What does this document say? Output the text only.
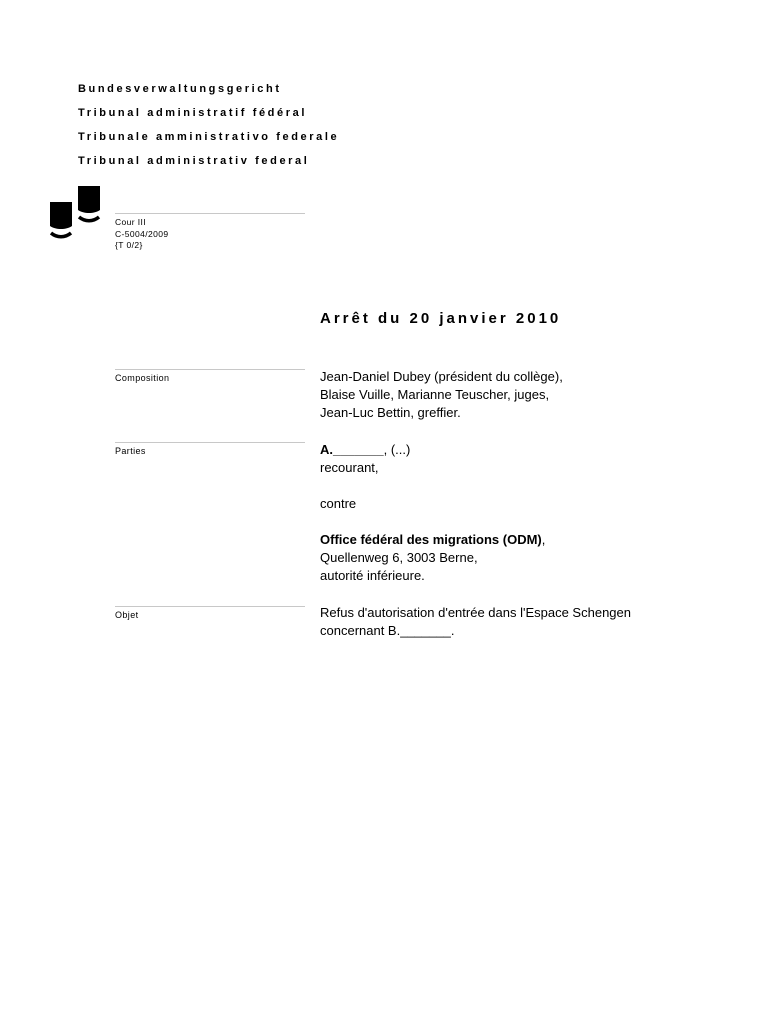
Bundesverwaltungsgericht
Tribunal administratif fédéral
Tribunale amministrativo federale
Tribunal administrativ federal
Cour III
C-5004/2009
{T 0/2}
Arrêt du 20 janvier 2010
Composition	Jean-Daniel Dubey (président du collège),
Blaise Vuille, Marianne Teuscher, juges,
Jean-Luc Bettin, greffier.
Parties	A._______, (...)
recourant,
contre
Office fédéral des migrations (ODM),
Quellenweg 6, 3003 Berne,
autorité inférieure.
Objet	Refus d'autorisation d'entrée dans l'Espace Schengen
concernant B._______.
